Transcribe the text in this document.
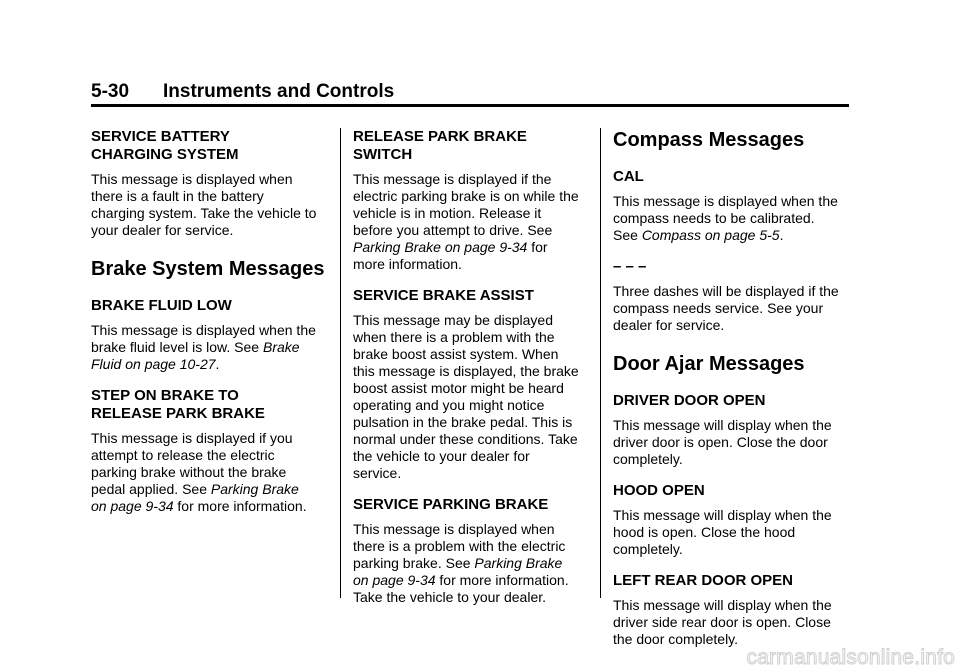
5-30 Instruments and Controls
SERVICE BATTERY
CHARGING SYSTEM
This message is displayed when
there is a fault in the battery
charging system. Take the vehicle to
your dealer for service.
Brake System Messages
BRAKE FLUID LOW
This message is displayed when the
brake fluid level is low. See Brake
Fluid on page 10-27.
STEP ON BRAKE TO
RELEASE PARK BRAKE
This message is displayed if you
attempt to release the electric
parking brake without the brake
pedal applied. See Parking Brake
on page 9-34 for more information.
RELEASE PARK BRAKE
SWITCH
This message is displayed if the
electric parking brake is on while the
vehicle is in motion. Release it
before you attempt to drive. See
Parking Brake on page 9-34 for
more information.
SERVICE BRAKE ASSIST
This message may be displayed
when there is a problem with the
brake boost assist system. When
this message is displayed, the brake
boost assist motor might be heard
operating and you might notice
pulsation in the brake pedal. This is
normal under these conditions. Take
the vehicle to your dealer for
service.
SERVICE PARKING BRAKE
This message is displayed when
there is a problem with the electric
parking brake. See Parking Brake
on page 9-34 for more information.
Take the vehicle to your dealer.
Compass Messages
CAL
This message is displayed when the
compass needs to be calibrated.
See Compass on page 5-5.
– – –
Three dashes will be displayed if the
compass needs service. See your
dealer for service.
Door Ajar Messages
DRIVER DOOR OPEN
This message will display when the
driver door is open. Close the door
completely.
HOOD OPEN
This message will display when the
hood is open. Close the hood
completely.
LEFT REAR DOOR OPEN
This message will display when the
driver side rear door is open. Close
the door completely.
carmanualsonline.info
